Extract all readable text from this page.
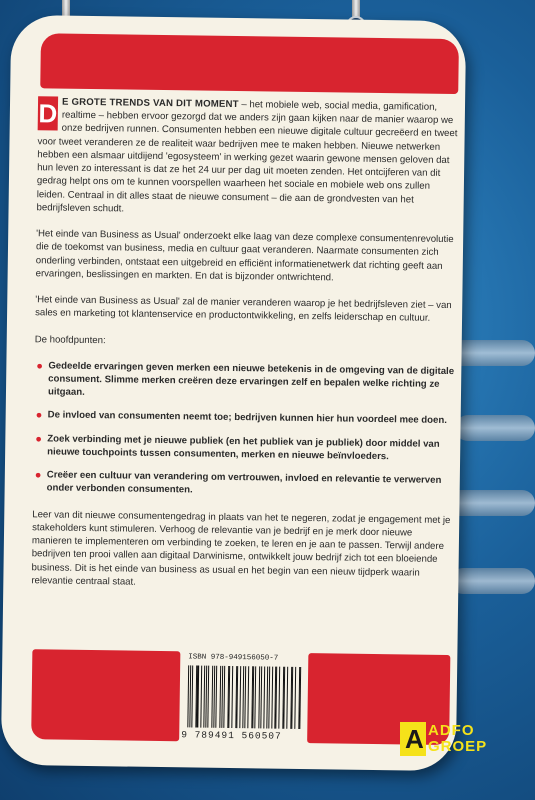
D E GROTE TRENDS VAN DIT MOMENT – het mobiele web, social media, gamification, realtime – hebben ervoor gezorgd dat we anders zijn gaan kijken naar de manier waarop we onze bedrijven runnen. Consumenten hebben een nieuwe digitale cultuur gecreëerd en tweet voor tweet veranderen ze de realiteit waar bedrijven mee te maken hebben. Nieuwe netwerken hebben een alsmaar uitdijend 'egosysteem' in werking gezet waarin gewone mensen geloven dat hun leven zo interessant is dat ze het 24 uur per dag uit moeten zenden. Het ontcijferen van dit gedrag helpt ons om te kunnen voorspellen waarheen het sociale en mobiele web ons zullen leiden. Centraal in dit alles staat de nieuwe consument – die aan de grondvesten van het bedrijfsleven schudt.

'Het einde van Business as Usual' onderzoekt elke laag van deze complexe consumentenrevolutie die de toekomst van business, media en cultuur gaat veranderen. Naarmate consumenten zich onderling verbinden, ontstaat een uitgebreid en efficiënt informatienetwerk dat richting geeft aan ervaringen, beslissingen en markten. En dat is bijzonder ontwrichtend.

'Het einde van Business as Usual' zal de manier veranderen waarop je het bedrijfsleven ziet – van sales en marketing tot klantenservice en productontwikkeling, en zelfs leiderschap en cultuur.

De hoofdpunten:

● Gedeelde ervaringen geven merken een nieuwe betekenis in de omgeving van de digitale consument. Slimme merken creëren deze ervaringen zelf en bepalen welke richting ze uitgaan.
● De invloed van consumenten neemt toe; bedrijven kunnen hier hun voordeel mee doen.
● Zoek verbinding met je nieuwe publiek (en het publiek van je publiek) door middel van nieuwe touchpoints tussen consumenten, merken en nieuwe beïnvloeders.
● Creëer een cultuur van verandering om vertrouwen, invloed en relevantie te verwerven onder verbonden consumenten.

Leer van dit nieuwe consumentengedrag in plaats van het te negeren, zodat je engagement met je stakeholders kunt stimuleren. Verhoog de relevantie van je bedrijf en je merk door nieuwe manieren te implementeren om verbinding te zoeken, te leren en je aan te passen. Terwijl andere bedrijven ten prooi vallen aan digitaal Darwinisme, ontwikkelt jouw bedrijf zich tot een bloeiende business. Dit is het einde van business as usual en het begin van een nieuw tijdperk waarin relevantie centraal staat.

ISBN 978-949156050-7
9 789491 560507	A ADFO
GROEP
